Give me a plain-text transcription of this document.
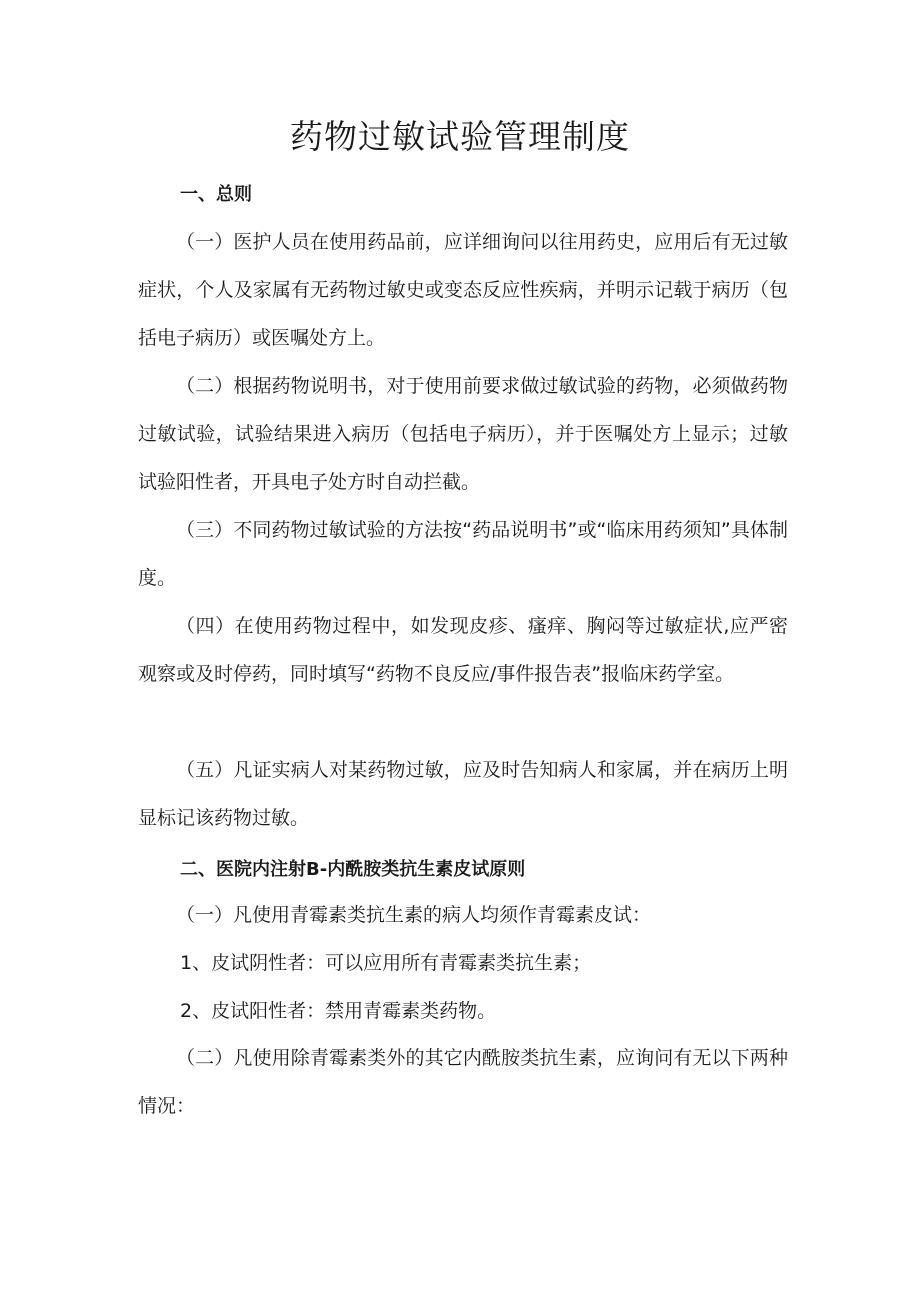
药物过敏试验管理制度
一、总则
（一）医护人员在使用药品前，应详细询问以往用药史，应用后有无过敏症状，个人及家属有无药物过敏史或变态反应性疾病，并明示记载于病历（包括电子病历）或医嘱处方上。
（二）根据药物说明书，对于使用前要求做过敏试验的药物，必须做药物过敏试验，试验结果进入病历（包括电子病历），并于医嘱处方上显示；过敏试验阳性者，开具电子处方时自动拦截。
（三）不同药物过敏试验的方法按“药品说明书”或“临床用药须知”具体制度。
（四）在使用药物过程中，如发现皮疹、瘙痒、胸闷等过敏症状,应严密观察或及时停药，同时填写“药物不良反应/事件报告表”报临床药学室。
（五）凡证实病人对某药物过敏，应及时告知病人和家属，并在病历上明显标记该药物过敏。
二、医院内注射B-内酰胺类抗生素皮试原则
（一）凡使用青霉素类抗生素的病人均须作青霉素皮试：
1、皮试阴性者：可以应用所有青霉素类抗生素；
2、皮试阳性者：禁用青霉素类药物。
（二）凡使用除青霉素类外的其它内酰胺类抗生素，应询问有无以下两种情况：
